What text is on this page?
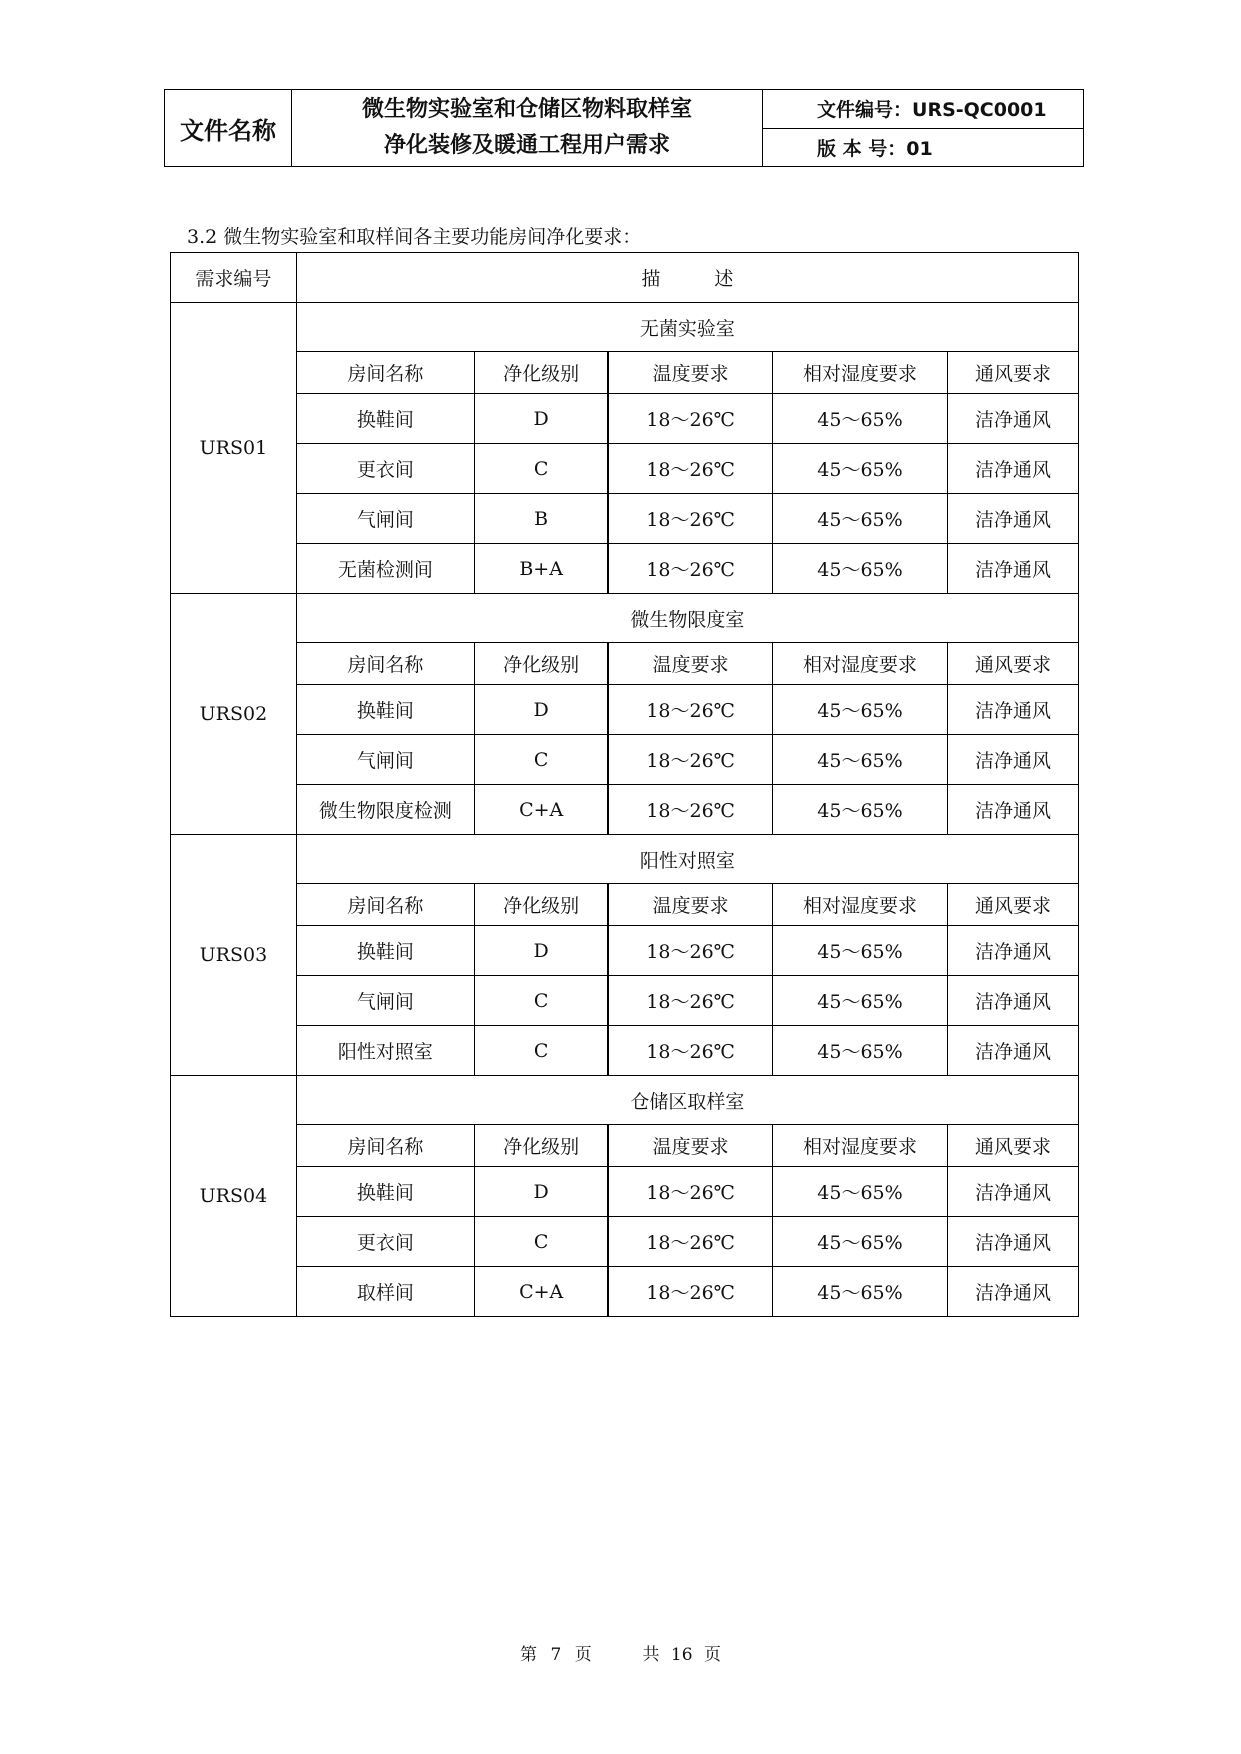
文件名称	
微生物实验室和仓储区物料取样室
净化装修及暖通工程用户需求
	文件编号：URS-QC0001
版 本 号：01

3.2 微生物实验室和取样间各主要功能房间净化要求：

需求编号	描 述				
URS01	无菌实验室				
	房间名称	净化级别	温度要求	相对湿度要求	通风要求
	换鞋间	D	18～26℃	45～65%	洁净通风
	更衣间	C	18～26℃	45～65%	洁净通风
	气闸间	B	18～26℃	45～65%	洁净通风
	无菌检测间	B+A	18～26℃	45～65%	洁净通风
URS02	微生物限度室				
	房间名称	净化级别	温度要求	相对湿度要求	通风要求
	换鞋间	D	18～26℃	45～65%	洁净通风
	气闸间	C	18～26℃	45～65%	洁净通风
	微生物限度检测	C+A	18～26℃	45～65%	洁净通风
URS03	阳性对照室				
	房间名称	净化级别	温度要求	相对湿度要求	通风要求
	换鞋间	D	18～26℃	45～65%	洁净通风
	气闸间	C	18～26℃	45～65%	洁净通风
	阳性对照室	C	18～26℃	45～65%	洁净通风
URS04	仓储区取样室				
	房间名称	净化级别	温度要求	相对湿度要求	通风要求
	换鞋间	D	18～26℃	45～65%	洁净通风
	更衣间	C	18～26℃	45～65%	洁净通风
	取样间	C+A	18～26℃	45～65%	洁净通风
第 7 页	共 16 页
